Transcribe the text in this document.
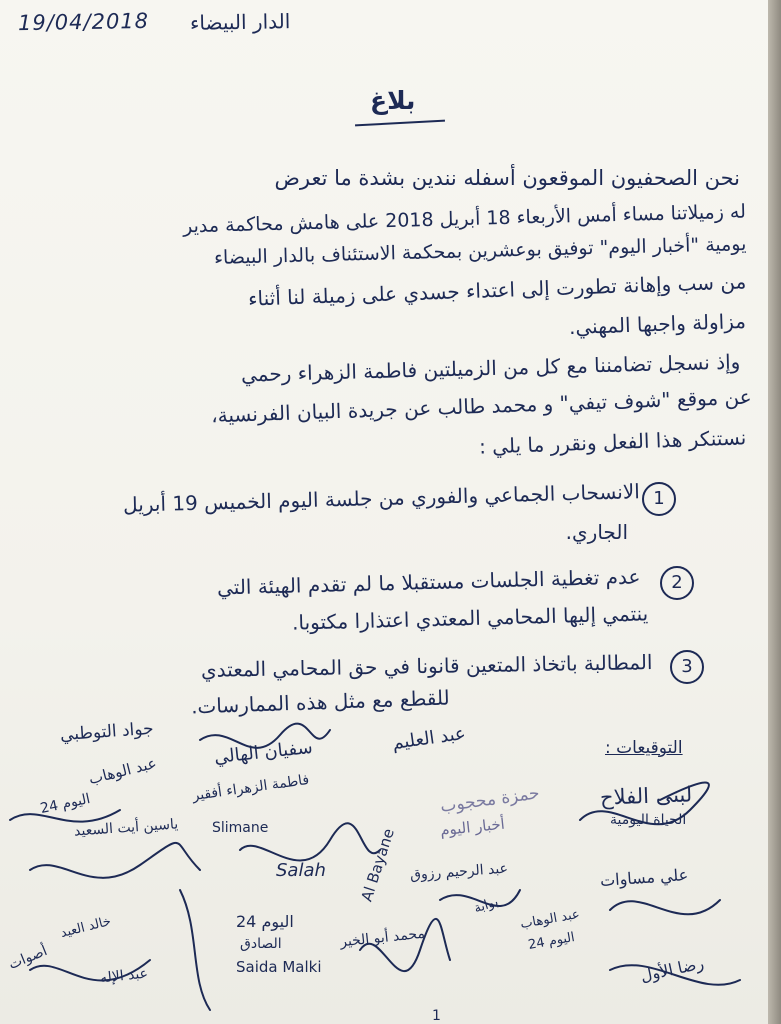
19/04/2018 الدار البيضاء
بلاغ
نحن الصحفيون الموقعون أسفله نندين بشدة ما تعرض
له زميلاتنا مساء أمس الأربعاء 18 أبريل 2018 على هامش محاكمة مدير
يومية "أخبار اليوم" توفيق بوعشرين بمحكمة الاستئناف بالدار البيضاء
من سب وإهانة تطورت إلى اعتداء جسدي على زميلة لنا أثناء
مزاولة واجبها المهني.
وإذ نسجل تضامننا مع كل من الزميلتين فاطمة الزهراء رحمي
عن موقع "شوف تيفي" و محمد طالب عن جريدة البيان الفرنسية،
نستنكر هذا الفعل ونقرر ما يلي :
1
الانسحاب الجماعي والفوري من جلسة اليوم الخميس 19 أبريل
الجاري.
2
عدم تغطية الجلسات مستقبلا ما لم تقدم الهيئة التي
ينتمي إليها المحامي المعتدي اعتذارا مكتوبا.
3
المطالبة باتخاذ المتعين قانونا في حق المحامي المعتدي
للقطع مع مثل هذه الممارسات.
التوقيعات :
جواد التوطبي
سفيان الهالي	عبد العليم
لبنى الفلاح
الحياة اليومية
عبد الوهاب
اليوم 24	فاطمة الزهراء أفقير
ياسين أيت السعيد
حمزة محجوب
أخبار اليوم
Slimane
Salah Al Bayane عبد الرحيم رزوق
بوابة
عبد الوهاب
اليوم 24
علي مساوات
اليوم 24
الصادق
Saida Malki
محمد أبو الخير
رضا الأول
خالد العيد
أصوات
عبد الإله
1
